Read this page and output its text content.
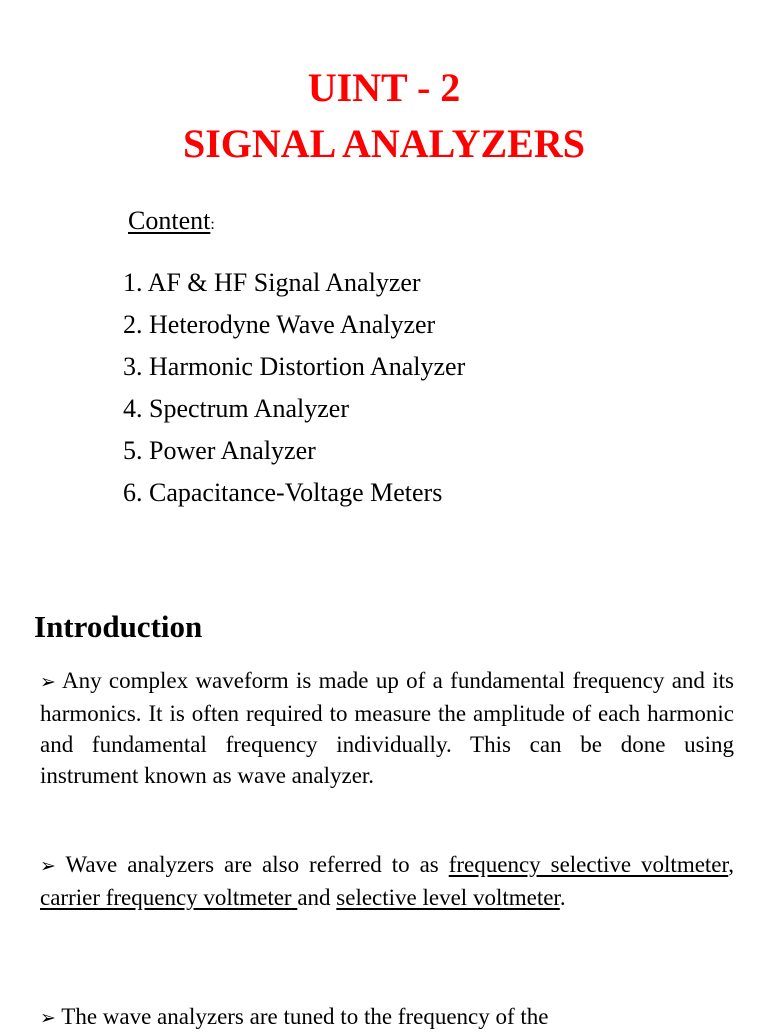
UINT - 2
SIGNAL ANALYZERS
Content:
1. AF & HF Signal Analyzer
2. Heterodyne Wave Analyzer
3. Harmonic Distortion Analyzer
4. Spectrum Analyzer
5. Power Analyzer
6. Capacitance-Voltage Meters
Introduction

➢ Any complex waveform is made up of a fundamental frequency and its harmonics. It is often required to measure the amplitude of each harmonic and fundamental frequency individually. This can be done using instrument known as wave analyzer.

➢ Wave analyzers are also referred to as frequency selective voltmeter, carrier frequency voltmeter and selective level voltmeter.

➢ The wave analyzers are tuned to the frequency of the
